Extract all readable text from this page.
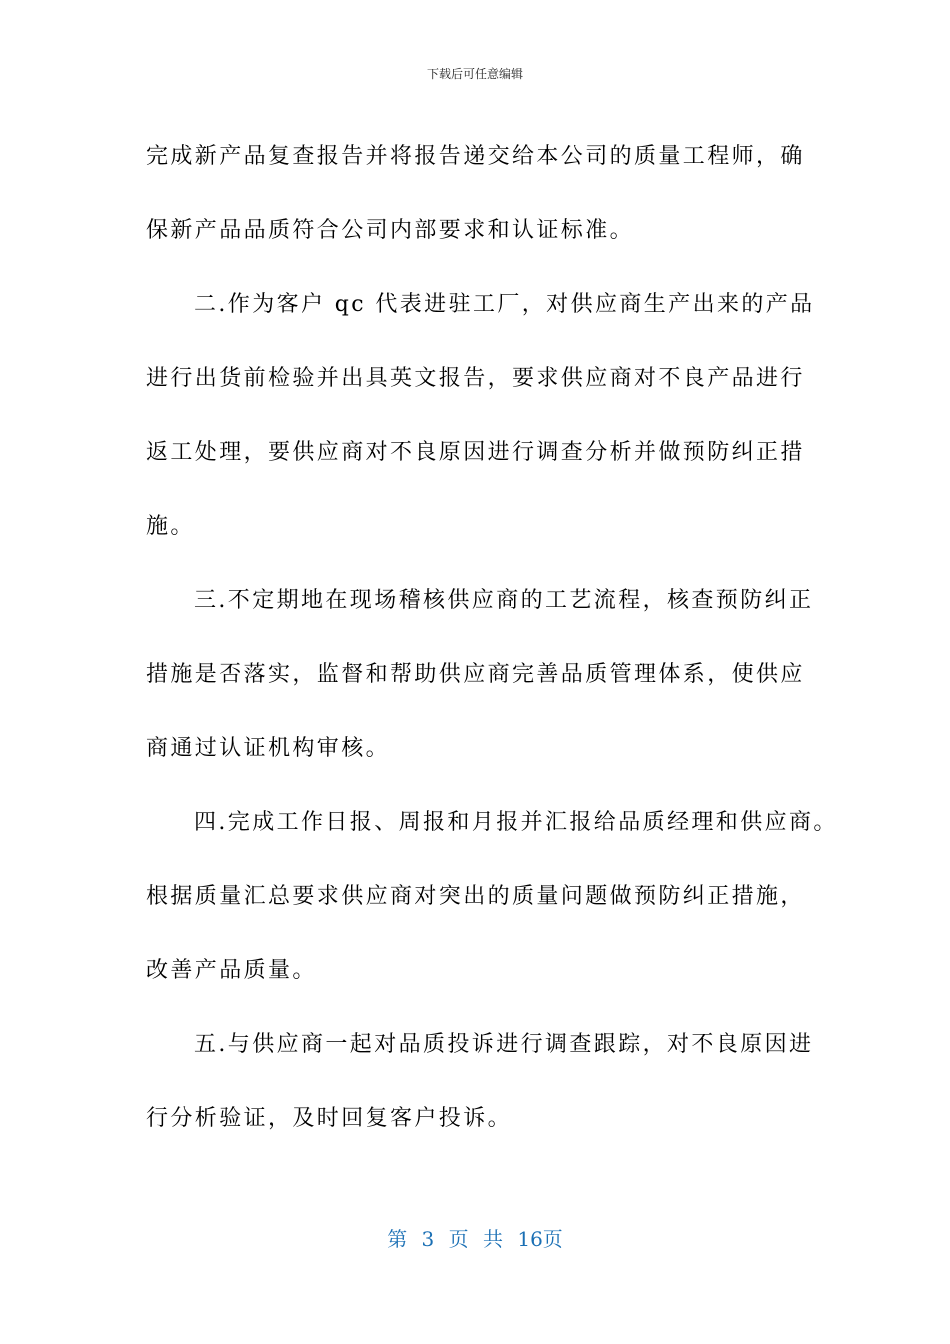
下载后可任意编辑
完成新产品复查报告并将报告递交给本公司的质量工程师，确
保新产品品质符合公司内部要求和认证标准。
二.作为客户 qc 代表进驻工厂，对供应商生产出来的产品
进行出货前检验并出具英文报告，要求供应商对不良产品进行
返工处理，要供应商对不良原因进行调查分析并做预防纠正措
施。
三.不定期地在现场稽核供应商的工艺流程，核查预防纠正
措施是否落实，监督和帮助供应商完善品质管理体系，使供应
商通过认证机构审核。
四.完成工作日报、周报和月报并汇报给品质经理和供应商。
根据质量汇总要求供应商对突出的质量问题做预防纠正措施，
改善产品质量。
五.与供应商一起对品质投诉进行调查跟踪，对不良原因进
行分析验证，及时回复客户投诉。
第 3 页 共 16页
